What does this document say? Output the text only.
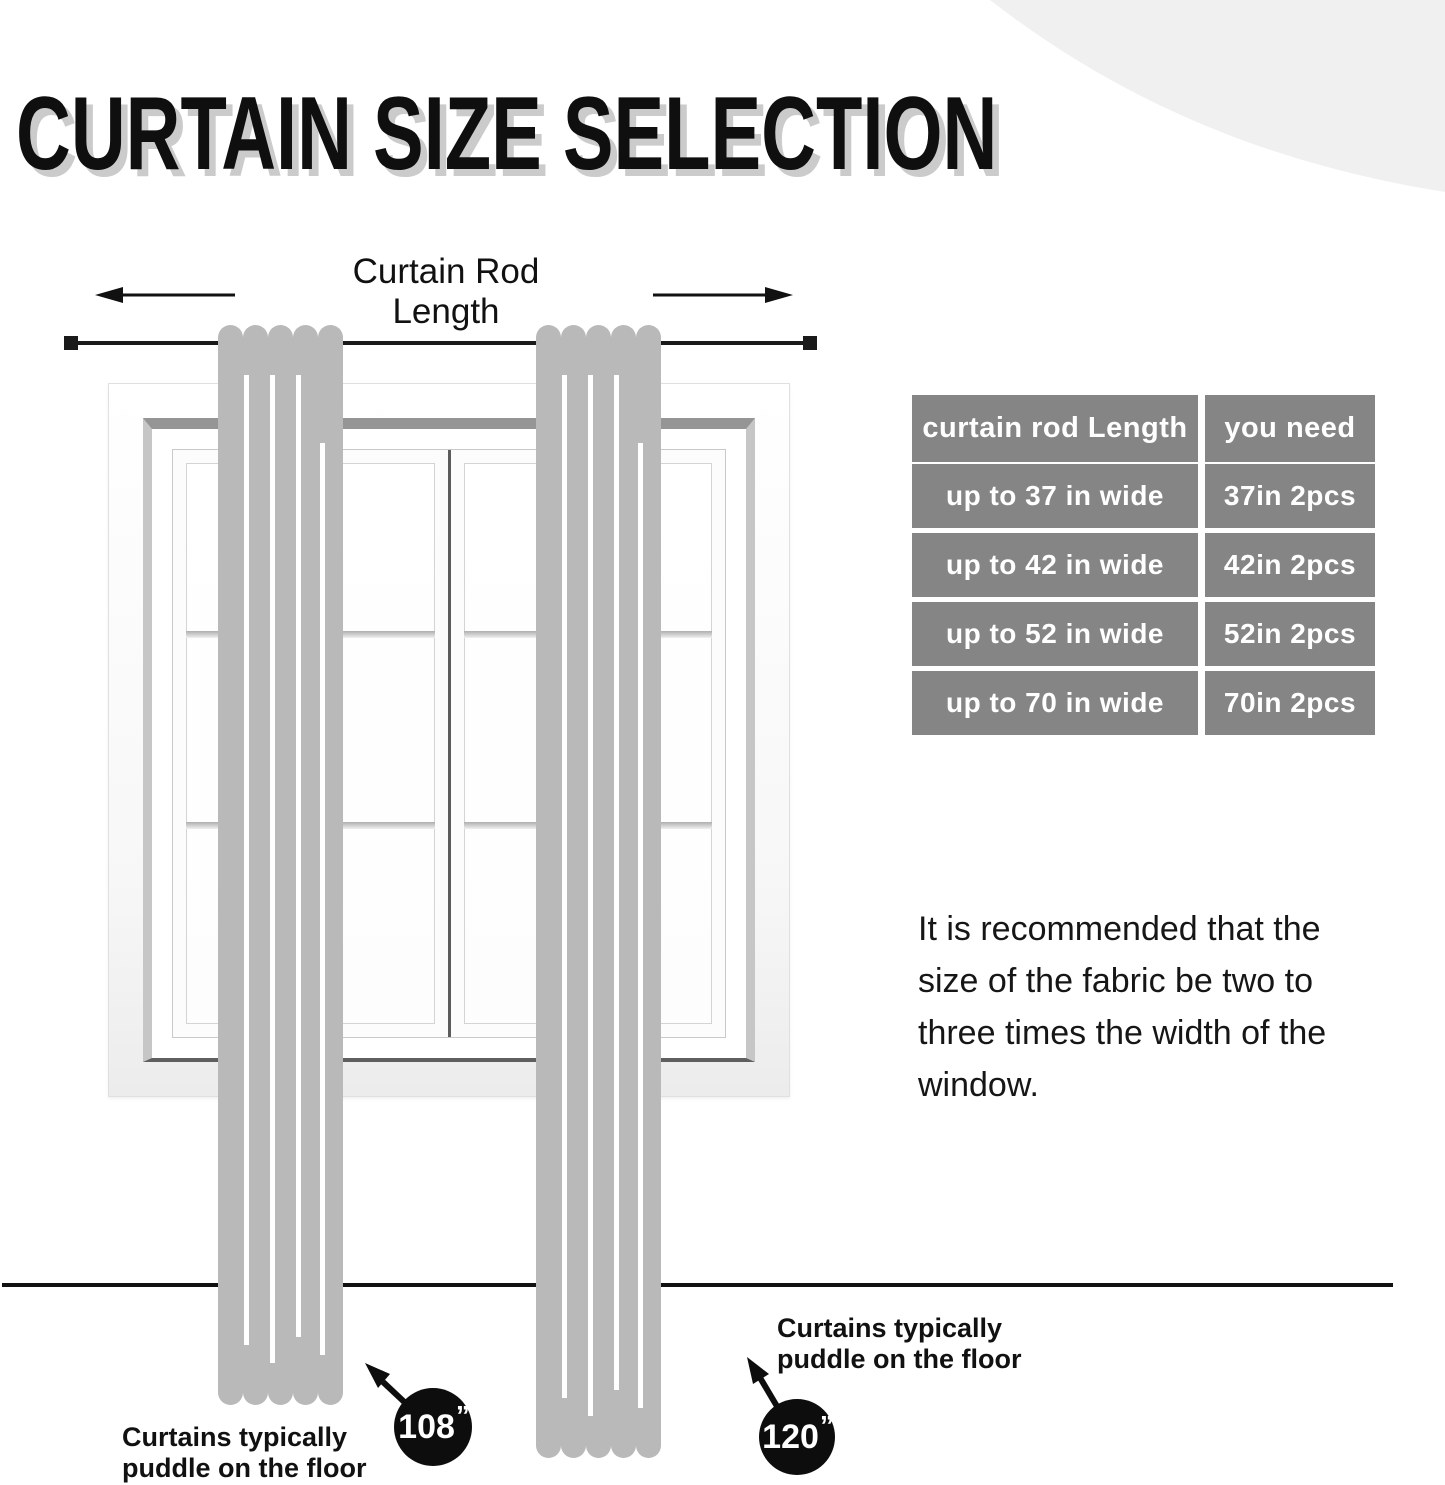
CURTAIN SIZE SELECTION
Curtain Rod Length
curtain rod Length	you need
up to 37 in wide	37in 2pcs
up to 42 in wide	42in 2pcs
up to 52 in wide	52in 2pcs
up to 70 in wide	70in 2pcs
It is recommended that the size of the fabric be two to three times the width of the window.
Curtains typically
puddle on the floor
Curtains typically
puddle on the floor
108 ”
120 ”
